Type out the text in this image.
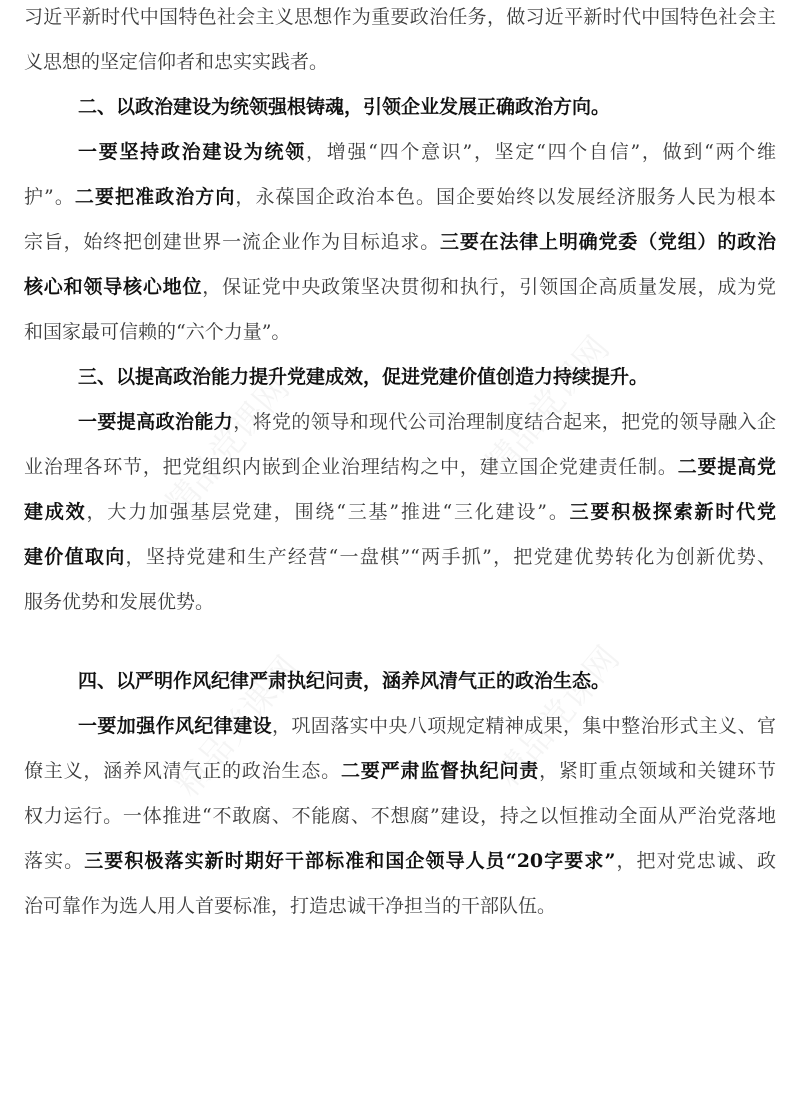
习近平新时代中国特色社会主义思想作为重要政治任务，做习近平新时代中国特色社会主
义思想的坚定信仰者和忠实实践者。
二、以政治建设为统领强根铸魂，引领企业发展正确政治方向。
一要坚持政治建设为统领，增强“四个意识”，坚定“四个自信”，做到“两个维
护”。二要把准政治方向，永葆国企政治本色。国企要始终以发展经济服务人民为根本
宗旨，始终把创建世界一流企业作为目标追求。三要在法律上明确党委（党组）的政治
核心和领导核心地位，保证党中央政策坚决贯彻和执行，引领国企高质量发展，成为党
和国家最可信赖的“六个力量”。
三、以提高政治能力提升党建成效，促进党建价值创造力持续提升。
一要提高政治能力，将党的领导和现代公司治理制度结合起来，把党的领导融入企
业治理各环节，把党组织内嵌到企业治理结构之中，建立国企党建责任制。二要提高党
建成效，大力加强基层党建，围绕“三基”推进“三化建设”。三要积极探索新时代党
建价值取向，坚持党建和生产经营“一盘棋”“两手抓”，把党建优势转化为创新优势、
服务优势和发展优势。
四、以严明作风纪律严肃执纪问责，涵养风清气正的政治生态。
一要加强作风纪律建设，巩固落实中央八项规定精神成果，集中整治形式主义、官
僚主义，涵养风清气正的政治生态。二要严肃监督执纪问责，紧盯重点领域和关键环节
权力运行。一体推进“不敢腐、不能腐、不想腐”建设，持之以恒推动全面从严治党落地
落实。三要积极落实新时期好干部标准和国企领导人员“20字要求”，把对党忠诚、政
治可靠作为选人用人首要标准，打造忠诚干净担当的干部队伍。
